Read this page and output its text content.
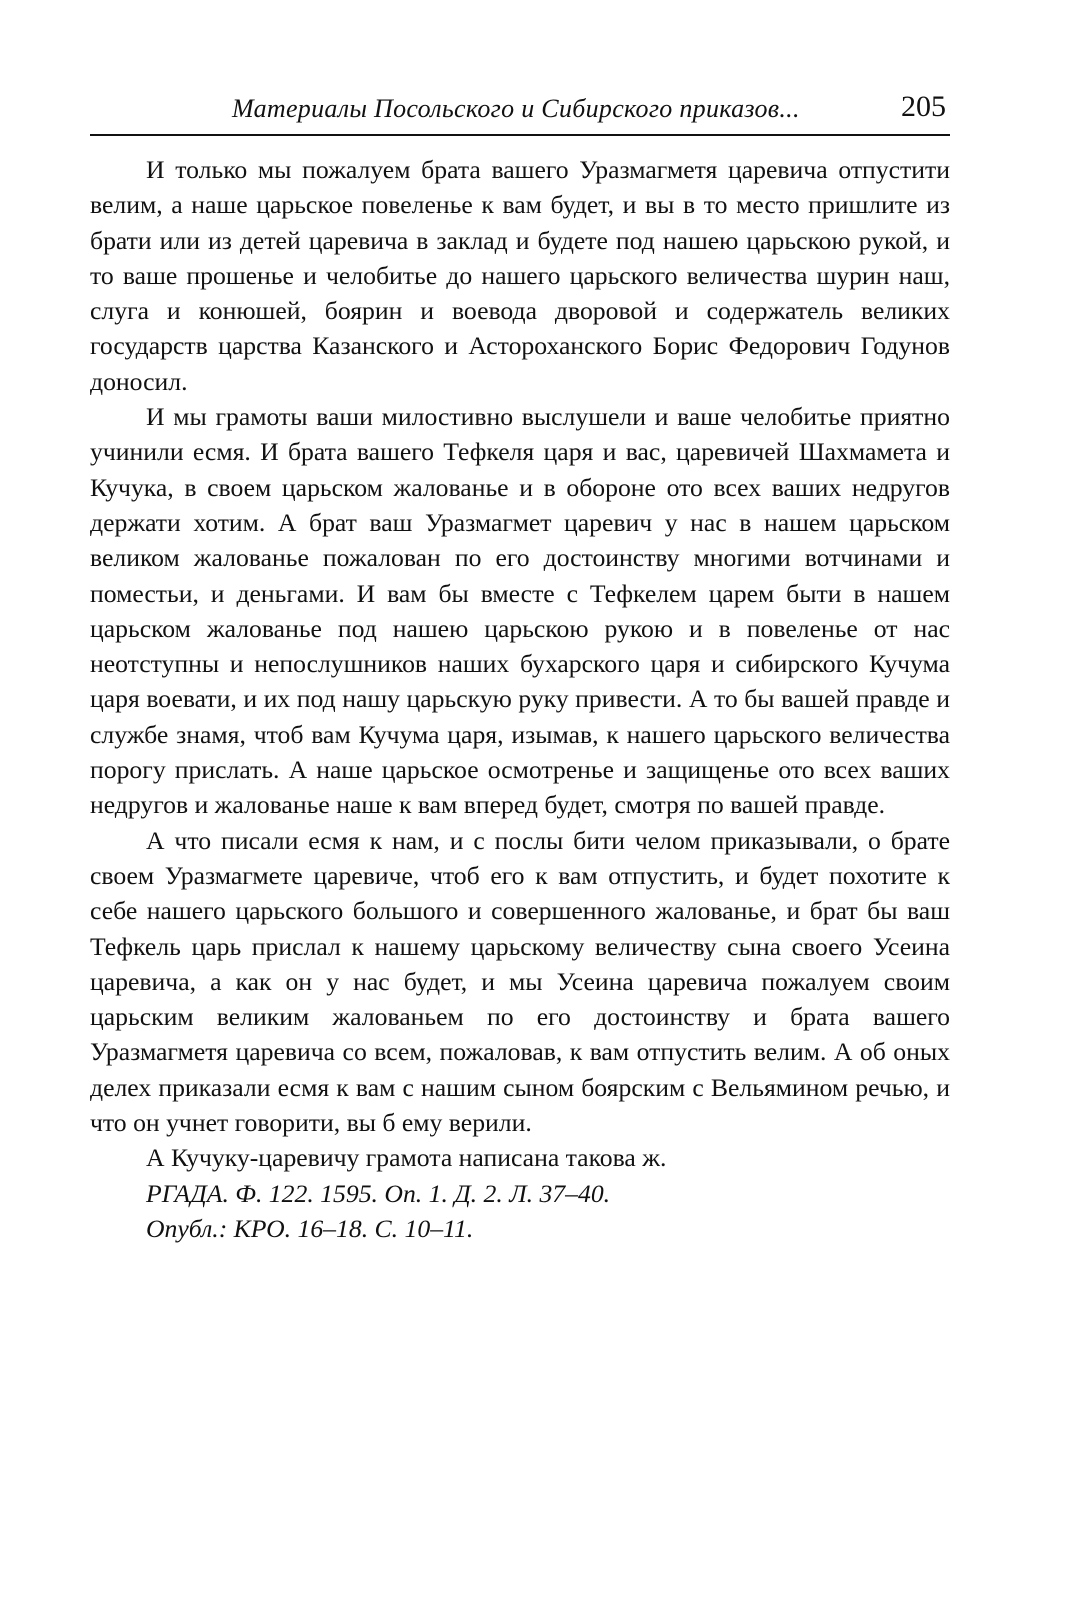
Материалы Посольского и Сибирского приказов...	205

И только мы пожалуем брата вашего Уразмагметя царевича отпустити велим, а наше царьское повеленье к вам будет, и вы в то место пришлите из брати или из детей царевича в заклад и будете под нашею царьскою рукой, и то ваше прошенье и челобитье до нашего царьского величества шурин наш, слуга и конюшей, боярин и воевода дворовой и содержатель великих государств царства Казанского и Астороханского Борис Федорович Годунов доносил.

И мы грамоты ваши милостивно выслушели и ваше челобитье приятно учинили есмя. И брата вашего Тефкеля царя и вас, царевичей Шахмамета и Кучука, в своем царьском жалованье и в обороне ото всех ваших недругов держати хотим. А брат ваш Уразмагмет царевич у нас в нашем царьском великом жалованье пожалован по его достоинству многими вотчинами и поместьи, и деньгами. И вам бы вместе с Тефкелем царем быти в нашем царьском жалованье под нашею царьскою рукою и в повеленье от нас неотступны и непослушников наших бухарского царя и сибирского Кучума царя воевати, и их под нашу царьскую руку привести. А то бы вашей правде и службе знамя, чтоб вам Кучума царя, изымав, к нашего царьского величества порогу прислать. А наше царьское осмотренье и защищенье ото всех ваших недругов и жалованье наше к вам вперед будет, смотря по вашей правде.

А что писали есмя к нам, и с послы бити челом приказывали, о брате своем Уразмагмете царевиче, чтоб его к вам отпустить, и будет похотите к себе нашего царьского большого и совершенного жалованье, и брат бы ваш Тефкель царь прислал к нашему царьскому величеству сына своего Усеина царевича, а как он у нас будет, и мы Усеина царевича пожалуем своим царьским великим жалованьем по его достоинству и брата вашего Уразмагметя царевича со всем, пожаловав, к вам отпустить велим. А об оных делех приказали есмя к вам с нашим сыном боярским с Вельямином речью, и что он учнет говорити, вы б ему верили.

А Кучуку-царевичу грамота написана такова ж.

РГАДА. Ф. 122. 1595. Оп. 1. Д. 2. Л. 37–40.

Опубл.: КРО. 16–18. С. 10–11.
